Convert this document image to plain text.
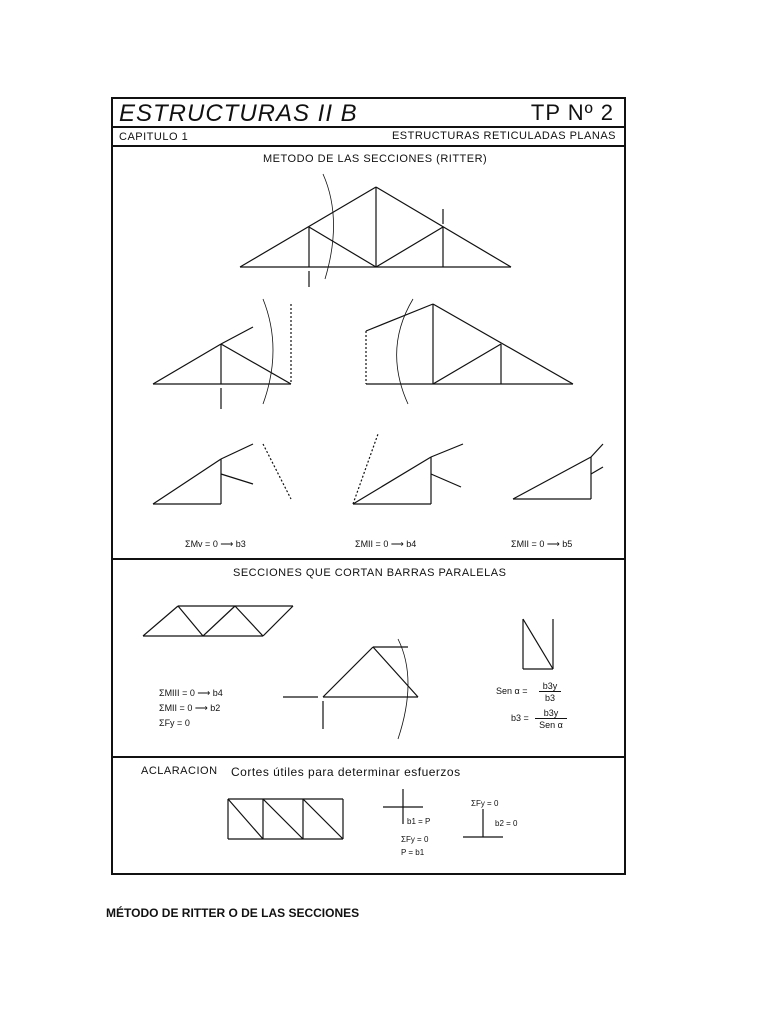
ESTRUCTURAS II B	TP Nº 2
CAPITULO 1	ESTRUCTURAS RETICULADAS PLANAS
METODO DE LAS SECCIONES (RITTER)
SECCIONES QUE CORTAN BARRAS PARALELAS
ACLARACION Cortes útiles para determinar esfuerzos
ΣMv = 0 ⟶ b3	ΣMII = 0 ⟶ b4	ΣMII = 0 ⟶ b5
ΣMIII = 0 ⟶ b4
ΣMII = 0 ⟶ b2
ΣFy = 0
Sen α =	b3y
b3
b3 =	b3y
Sen α
ΣFy = 0
ΣFy = 0
P = b1
b2 = 0
b1 = P
MÉTODO DE RITTER O DE LAS SECCIONES
